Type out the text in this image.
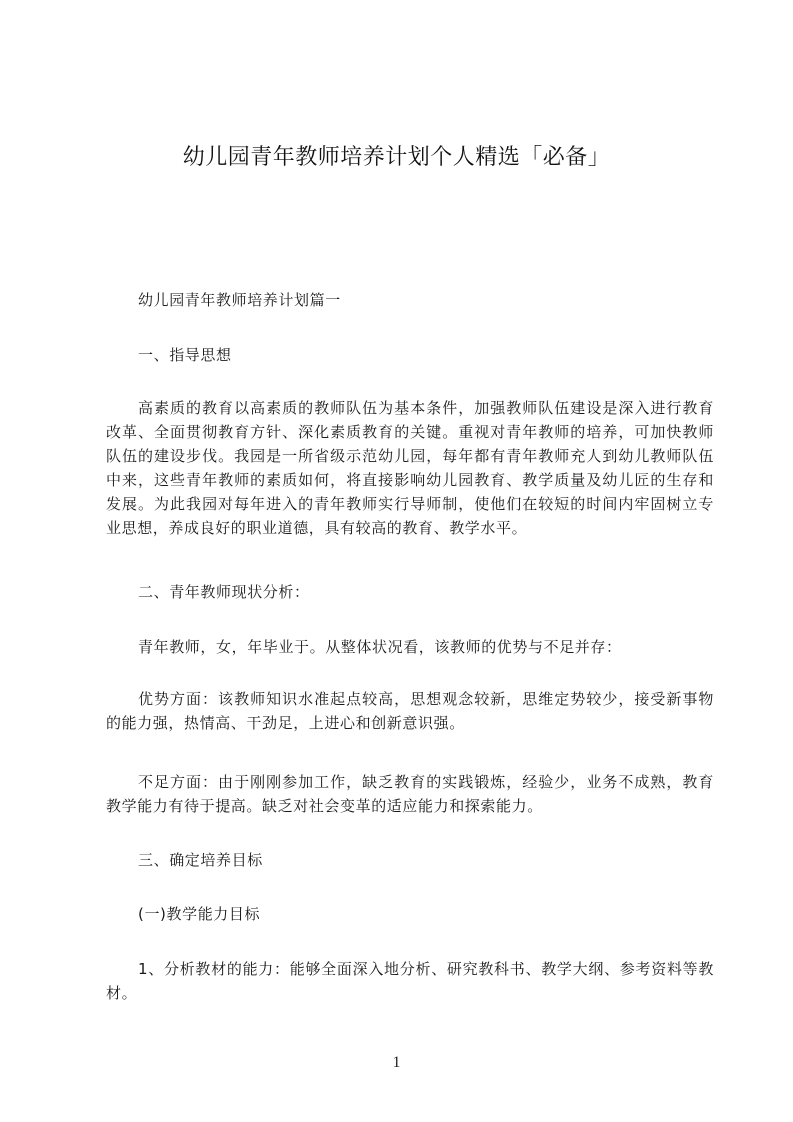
幼儿园青年教师培养计划个人精选「必备」
幼儿园青年教师培养计划篇一
一、指导思想
高素质的教育以高素质的教师队伍为基本条件，加强教师队伍建设是深入进行教育改革、全面贯彻教育方针、深化素质教育的关键。重视对青年教师的培养，可加快教师队伍的建设步伐。我园是一所省级示范幼儿园，每年都有青年教师充人到幼儿教师队伍中来，这些青年教师的素质如何，将直接影响幼儿园教育、教学质量及幼儿匠的生存和发展。为此我园对每年进入的青年教师实行导师制，使他们在较短的时间内牢固树立专业思想，养成良好的职业道德，具有较高的教育、教学水平。
二、青年教师现状分析：
青年教师，女，年毕业于。从整体状况看，该教师的优势与不足并存：
优势方面：该教师知识水准起点较高，思想观念较新，思维定势较少，接受新事物的能力强，热情高、干劲足，上进心和创新意识强。
不足方面：由于刚刚参加工作，缺乏教育的实践锻炼，经验少，业务不成熟，教育教学能力有待于提高。缺乏对社会变革的适应能力和探索能力。
三、确定培养目标
(一)教学能力目标
1、分析教材的能力：能够全面深入地分析、研究教科书、教学大纲、参考资料等教材。
1
